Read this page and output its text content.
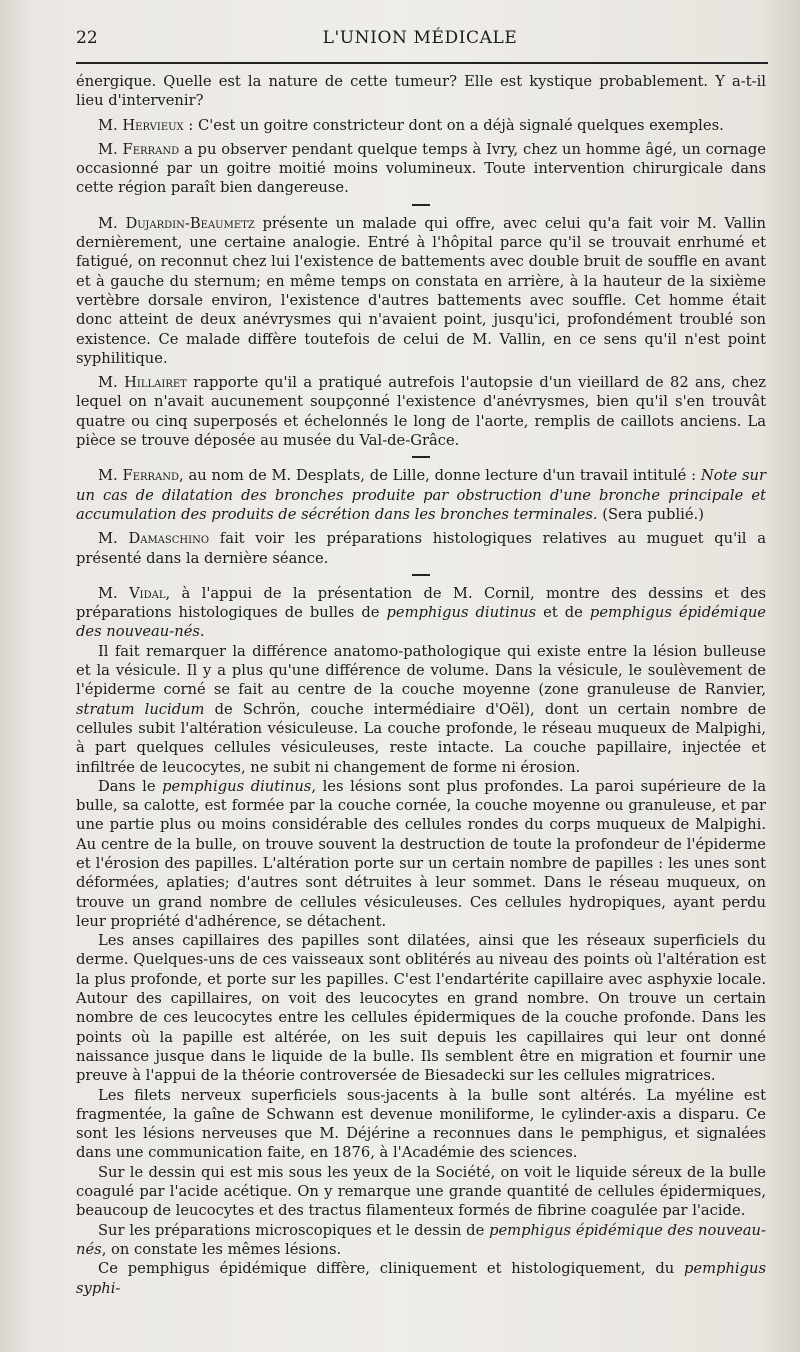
22	L'UNION MÉDICALE

énergique. Quelle est la nature de cette tumeur? Elle est kystique probablement. Y a-t-il lieu d'intervenir?

M. Hervieux : C'est un goitre constricteur dont on a déjà signalé quelques exemples.

M. Ferrand a pu observer pendant quelque temps à Ivry, chez un homme âgé, un cornage occasionné par un goitre moitié moins volumineux. Toute intervention chirurgicale dans cette région paraît bien dangereuse.

M. Dujardin-Beaumetz présente un malade qui offre, avec celui qu'a fait voir M. Vallin dernièrement, une certaine analogie. Entré à l'hôpital parce qu'il se trouvait enrhumé et fatigué, on reconnut chez lui l'existence de battements avec double bruit de souffle en avant et à gauche du sternum; en même temps on constata en arrière, à la hauteur de la sixième vertèbre dorsale environ, l'existence d'autres battements avec souffle. Cet homme était donc atteint de deux anévrysmes qui n'avaient point, jusqu'ici, profondément troublé son existence. Ce malade diffère toutefois de celui de M. Vallin, en ce sens qu'il n'est point syphilitique.

M. Hillairet rapporte qu'il a pratiqué autrefois l'autopsie d'un vieillard de 82 ans, chez lequel on n'avait aucunement soupçonné l'existence d'anévrysmes, bien qu'il s'en trouvât quatre ou cinq superposés et échelonnés le long de l'aorte, remplis de caillots anciens. La pièce se trouve déposée au musée du Val-de-Grâce.

M. Ferrand, au nom de M. Desplats, de Lille, donne lecture d'un travail intitulé : Note sur un cas de dilatation des bronches produite par obstruction d'une bronche principale et accumulation des produits de sécrétion dans les bronches terminales. (Sera publié.)

M. Damaschino fait voir les préparations histologiques relatives au muguet qu'il a présenté dans la dernière séance.

M. Vidal, à l'appui de la présentation de M. Cornil, montre des dessins et des préparations histologiques de bulles de pemphigus diutinus et de pemphigus épidémique des nouveau-nés.

Il fait remarquer la différence anatomo-pathologique qui existe entre la lésion bulleuse et la vésicule. Il y a plus qu'une différence de volume. Dans la vésicule, le soulèvement de l'épiderme corné se fait au centre de la couche moyenne (zone granuleuse de Ranvier, stratum lucidum de Schrön, couche intermédiaire d'Oël), dont un certain nombre de cellules subit l'altération vésiculeuse. La couche profonde, le réseau muqueux de Malpighi, à part quelques cellules vésiculeuses, reste intacte. La couche papillaire, injectée et infiltrée de leucocytes, ne subit ni changement de forme ni érosion.

Dans le pemphigus diutinus, les lésions sont plus profondes. La paroi supérieure de la bulle, sa calotte, est formée par la couche cornée, la couche moyenne ou granuleuse, et par une partie plus ou moins considérable des cellules rondes du corps muqueux de Malpighi. Au centre de la bulle, on trouve souvent la destruction de toute la profondeur de l'épiderme et l'érosion des papilles. L'altération porte sur un certain nombre de papilles : les unes sont déformées, aplaties; d'autres sont détruites à leur sommet. Dans le réseau muqueux, on trouve un grand nombre de cellules vésiculeuses. Ces cellules hydropiques, ayant perdu leur propriété d'adhérence, se détachent.

Les anses capillaires des papilles sont dilatées, ainsi que les réseaux superficiels du derme. Quelques-uns de ces vaisseaux sont oblitérés au niveau des points où l'altération est la plus profonde, et porte sur les papilles. C'est l'endartérite capillaire avec asphyxie locale. Autour des capillaires, on voit des leucocytes en grand nombre. On trouve un certain nombre de ces leucocytes entre les cellules épidermiques de la couche profonde. Dans les points où la papille est altérée, on les suit depuis les capillaires qui leur ont donné naissance jusque dans le liquide de la bulle. Ils semblent être en migration et fournir une preuve à l'appui de la théorie controversée de Biesadecki sur les cellules migratrices.

Les filets nerveux superficiels sous-jacents à la bulle sont altérés. La myéline est fragmentée, la gaîne de Schwann est devenue moniliforme, le cylinder-axis a disparu. Ce sont les lésions nerveuses que M. Déjérine a reconnues dans le pemphigus, et signalées dans une communication faite, en 1876, à l'Académie des sciences.

Sur le dessin qui est mis sous les yeux de la Société, on voit le liquide séreux de la bulle coagulé par l'acide acétique. On y remarque une grande quantité de cellules épidermiques, beaucoup de leucocytes et des tractus filamenteux formés de fibrine coagulée par l'acide.

Sur les préparations microscopiques et le dessin de pemphigus épidémique des nouveau-nés, on constate les mêmes lésions.

Ce pemphigus épidémique diffère, cliniquement et histologiquement, du pemphigus syphi-
